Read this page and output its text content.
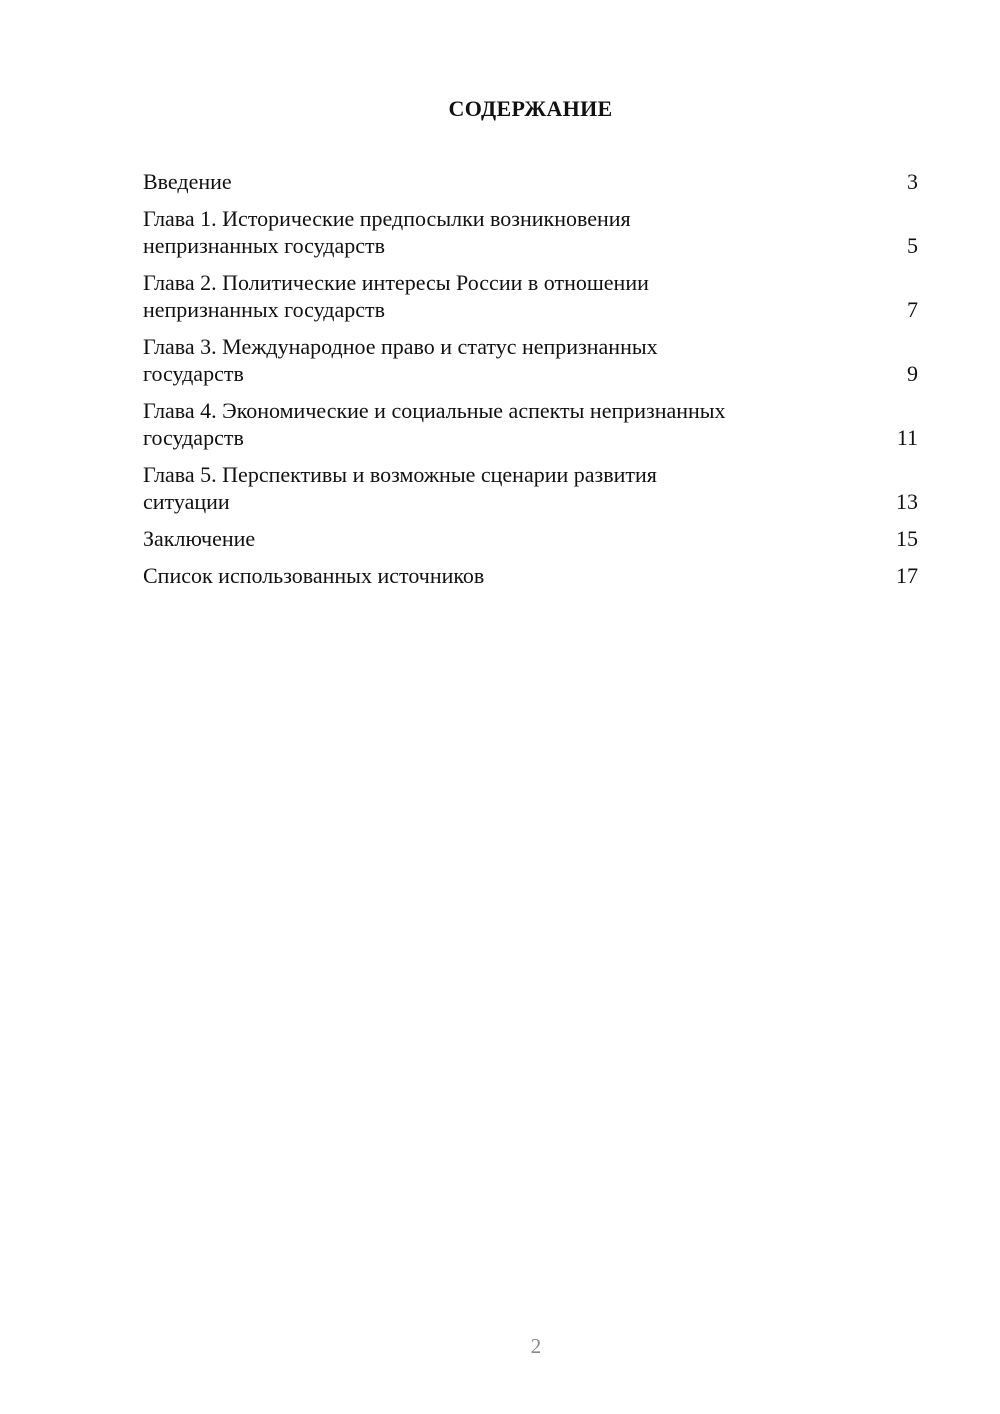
СОДЕРЖАНИЕ
Введение	3
Глава 1. Исторические предпосылки возникновения
непризнанных государств	5
Глава 2. Политические интересы России в отношении
непризнанных государств	7
Глава 3. Международное право и статус непризнанных
государств	9
Глава 4. Экономические и социальные аспекты непризнанных
государств	11
Глава 5. Перспективы и возможные сценарии развития
ситуации	13
Заключение	15
Список использованных источников	17
2
